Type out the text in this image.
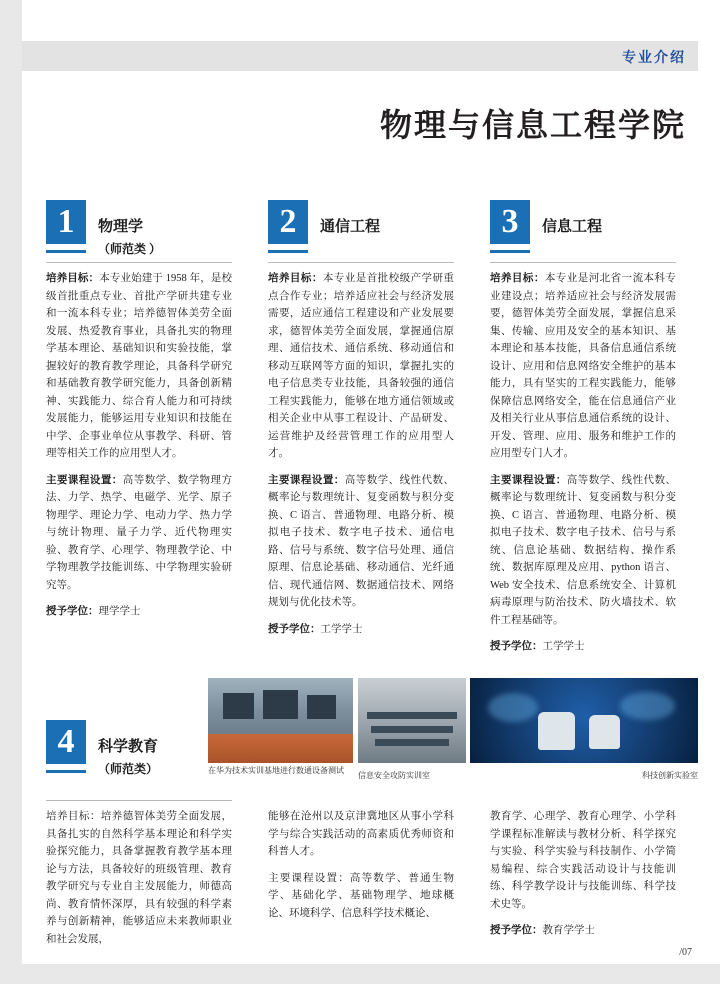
专业介绍
物理与信息工程学院
1	物理学
（师范类 ）

培养目标：本专业始建于 1958 年，是校级首批重点专业、首批产学研共建专业和一流本科专业；培养德智体美劳全面发展、热爱教育事业，具备扎实的物理学基本理论、基础知识和实验技能，掌握较好的教育教学理论，具备科学研究和基础教育教学研究能力，具备创新精神、实践能力、综合育人能力和可持续发展能力，能够运用专业知识和技能在中学、企事业单位从事教学、科研、管理等相关工作的应用型人才。

主要课程设置：高等数学、数学物理方法、力学、热学、电磁学、光学、原子物理学、理论力学、电动力学、热力学与统计物理、量子力学、近代物理实验、教育学、心理学、物理教学论、中学物理教学技能训练、中学物理实验研究等。

授予学位：理学学士

2	通信工程

培养目标：本专业是首批校级产学研重点合作专业；培养适应社会与经济发展需要，适应通信工程建设和产业发展要求，德智体美劳全面发展，掌握通信原理、通信技术、通信系统、移动通信和移动互联网等方面的知识，掌握扎实的电子信息类专业技能，具备较强的通信工程实践能力，能够在地方通信领域或相关企业中从事工程设计、产品研发、运营维护及经营管理工作的应用型人才。

主要课程设置：高等数学、线性代数、概率论与数理统计、复变函数与积分变换、C 语言、普通物理、电路分析、模拟电子技术、数字电子技术、通信电路、信号与系统、数字信号处理、通信原理、信息论基础、移动通信、光纤通信、现代通信网、数据通信技术、网络规划与优化技术等。

授予学位：工学学士

3	信息工程

培养目标：本专业是河北省一流本科专业建设点；培养适应社会与经济发展需要，德智体美劳全面发展，掌握信息采集、传输、应用及安全的基本知识、基本理论和基本技能，具备信息通信系统设计、应用和信息网络安全维护的基本能力，具有坚实的工程实践能力，能够保障信息网络安全，能在信息通信产业及相关行业从事信息通信系统的设计、开发、管理、应用、服务和维护工作的应用型专门人才。

主要课程设置：高等数学、线性代数、概率论与数理统计、复变函数与积分变换、C 语言、普通物理、电路分析、模拟电子技术、数字电子技术、信号与系统、信息论基础、数据结构、操作系统、数据库原理及应用、python 语言、Web 安全技术、信息系统安全、计算机病毒原理与防治技术、防火墙技术、软件工程基础等。

授予学位：工学学士

在华为技术实训基地进行数通设备测试
信息安全攻防实训室	科技创新实验室
4	科学教育
（师范类）

培养目标：培养德智体美劳全面发展，具备扎实的自然科学基本理论和科学实验探究能力，具备掌握教育教学基本理论与方法，具备较好的班级管理、教育教学研究与专业自主发展能力，师德高尚、教育情怀深厚，具有较强的科学素养与创新精神，能够适应未来教师职业和社会发展，

能够在沧州以及京津冀地区从事小学科学与综合实践活动的高素质优秀师资和科普人才。

主要课程设置：高等数学、普通生物学、基础化学、基础物理学、地球概论、环境科学、信息科学技术概论、

教育学、心理学、教育心理学、小学科学课程标准解读与教材分析、科学探究与实验、科学实验与科技制作、小学简易编程、综合实践活动设计与技能训练、科学教学设计与技能训练、科学技术史等。

授予学位：教育学学士

/07
